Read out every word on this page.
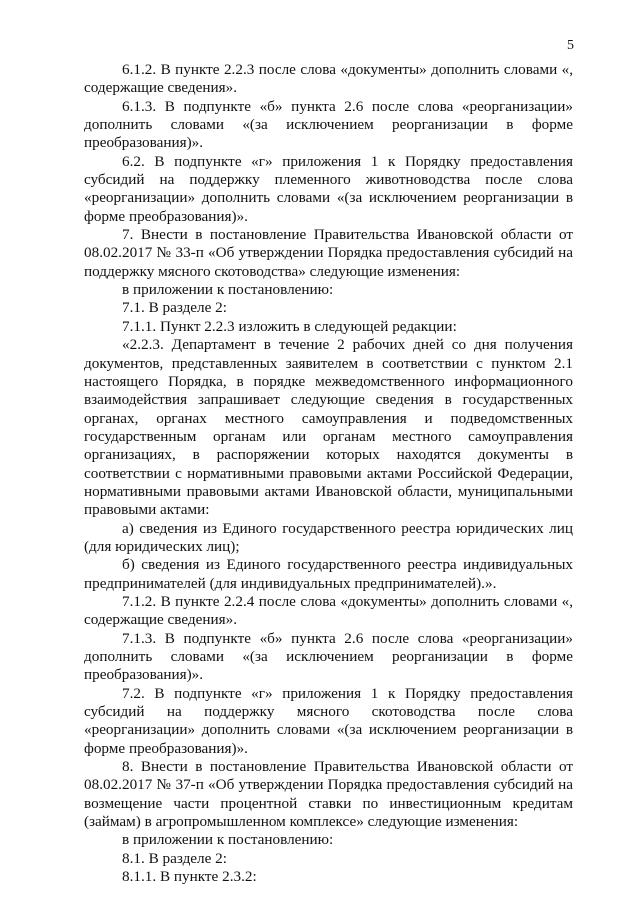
5

6.1.2. В пункте 2.2.3 после слова «документы» дополнить словами «, содержащие сведения».

6.1.3. В подпункте «б» пункта 2.6 после слова «реорганизации» дополнить словами «(за исключением реорганизации в форме преобразования)».

6.2. В подпункте «г» приложения 1 к Порядку предоставления субсидий на поддержку племенного животноводства после слова «реорганизации» дополнить словами «(за исключением реорганизации в форме преобразования)».

7. Внести в постановление Правительства Ивановской области от 08.02.2017 № 33-п «Об утверждении Порядка предоставления субсидий на поддержку мясного скотоводства» следующие изменения:

в приложении к постановлению:

7.1. В разделе 2:

7.1.1. Пункт 2.2.3 изложить в следующей редакции:

«2.2.3. Департамент в течение 2 рабочих дней со дня получения документов, представленных заявителем в соответствии с пунктом 2.1 настоящего Порядка, в порядке межведомственного информационного взаимодействия запрашивает следующие сведения в государственных органах, органах местного самоуправления и подведомственных государственным органам или органам местного самоуправления организациях, в распоряжении которых находятся документы в соответствии с нормативными правовыми актами Российской Федерации, нормативными правовыми актами Ивановской области, муниципальными правовыми актами:

а) сведения из Единого государственного реестра юридических лиц (для юридических лиц);

б) сведения из Единого государственного реестра индивидуальных предпринимателей (для индивидуальных предпринимателей).».

7.1.2. В пункте 2.2.4 после слова «документы» дополнить словами «, содержащие сведения».

7.1.3. В подпункте «б» пункта 2.6 после слова «реорганизации» дополнить словами «(за исключением реорганизации в форме преобразования)».

7.2. В подпункте «г» приложения 1 к Порядку предоставления субсидий на поддержку мясного скотоводства после слова «реорганизации» дополнить словами «(за исключением реорганизации в форме преобразования)».

8. Внести в постановление Правительства Ивановской области от 08.02.2017 № 37-п «Об утверждении Порядка предоставления субсидий на возмещение части процентной ставки по инвестиционным кредитам (займам) в агропромышленном комплексе» следующие изменения:

в приложении к постановлению:

8.1. В разделе 2:

8.1.1. В пункте 2.3.2:
